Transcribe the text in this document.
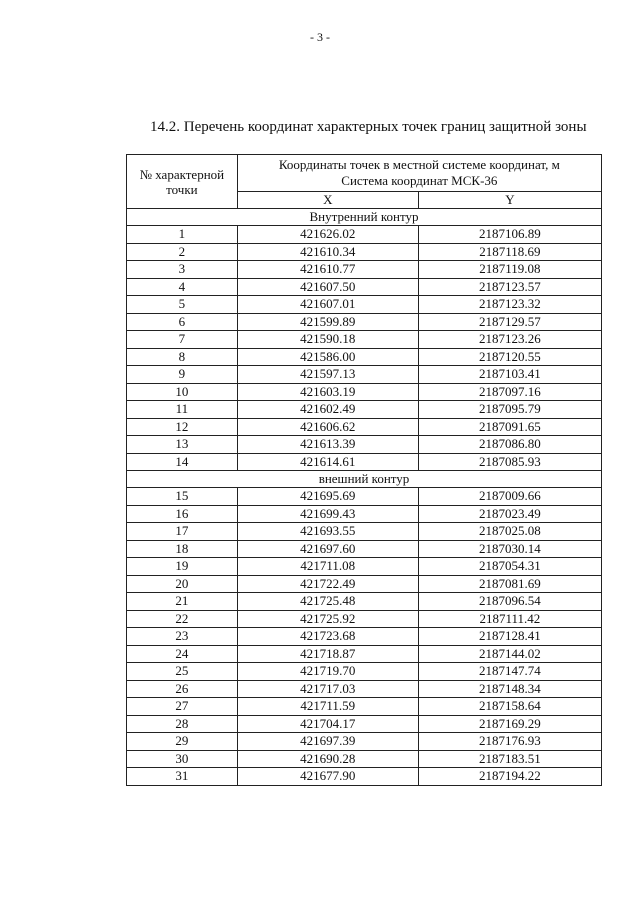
- 3 -
14.2. Перечень координат характерных точек границ защитной зоны
№ характерной
точки	Координаты точек в местной системе координат, м
Система координат МСК-36	
	X	Y
Внутренний контур		
1	421626.02	2187106.89
2	421610.34	2187118.69
3	421610.77	2187119.08
4	421607.50	2187123.57
5	421607.01	2187123.32
6	421599.89	2187129.57
7	421590.18	2187123.26
8	421586.00	2187120.55
9	421597.13	2187103.41
10	421603.19	2187097.16
11	421602.49	2187095.79
12	421606.62	2187091.65
13	421613.39	2187086.80
14	421614.61	2187085.93
внешний контур		
15	421695.69	2187009.66
16	421699.43	2187023.49
17	421693.55	2187025.08
18	421697.60	2187030.14
19	421711.08	2187054.31
20	421722.49	2187081.69
21	421725.48	2187096.54
22	421725.92	2187111.42
23	421723.68	2187128.41
24	421718.87	2187144.02
25	421719.70	2187147.74
26	421717.03	2187148.34
27	421711.59	2187158.64
28	421704.17	2187169.29
29	421697.39	2187176.93
30	421690.28	2187183.51
31	421677.90	2187194.22
